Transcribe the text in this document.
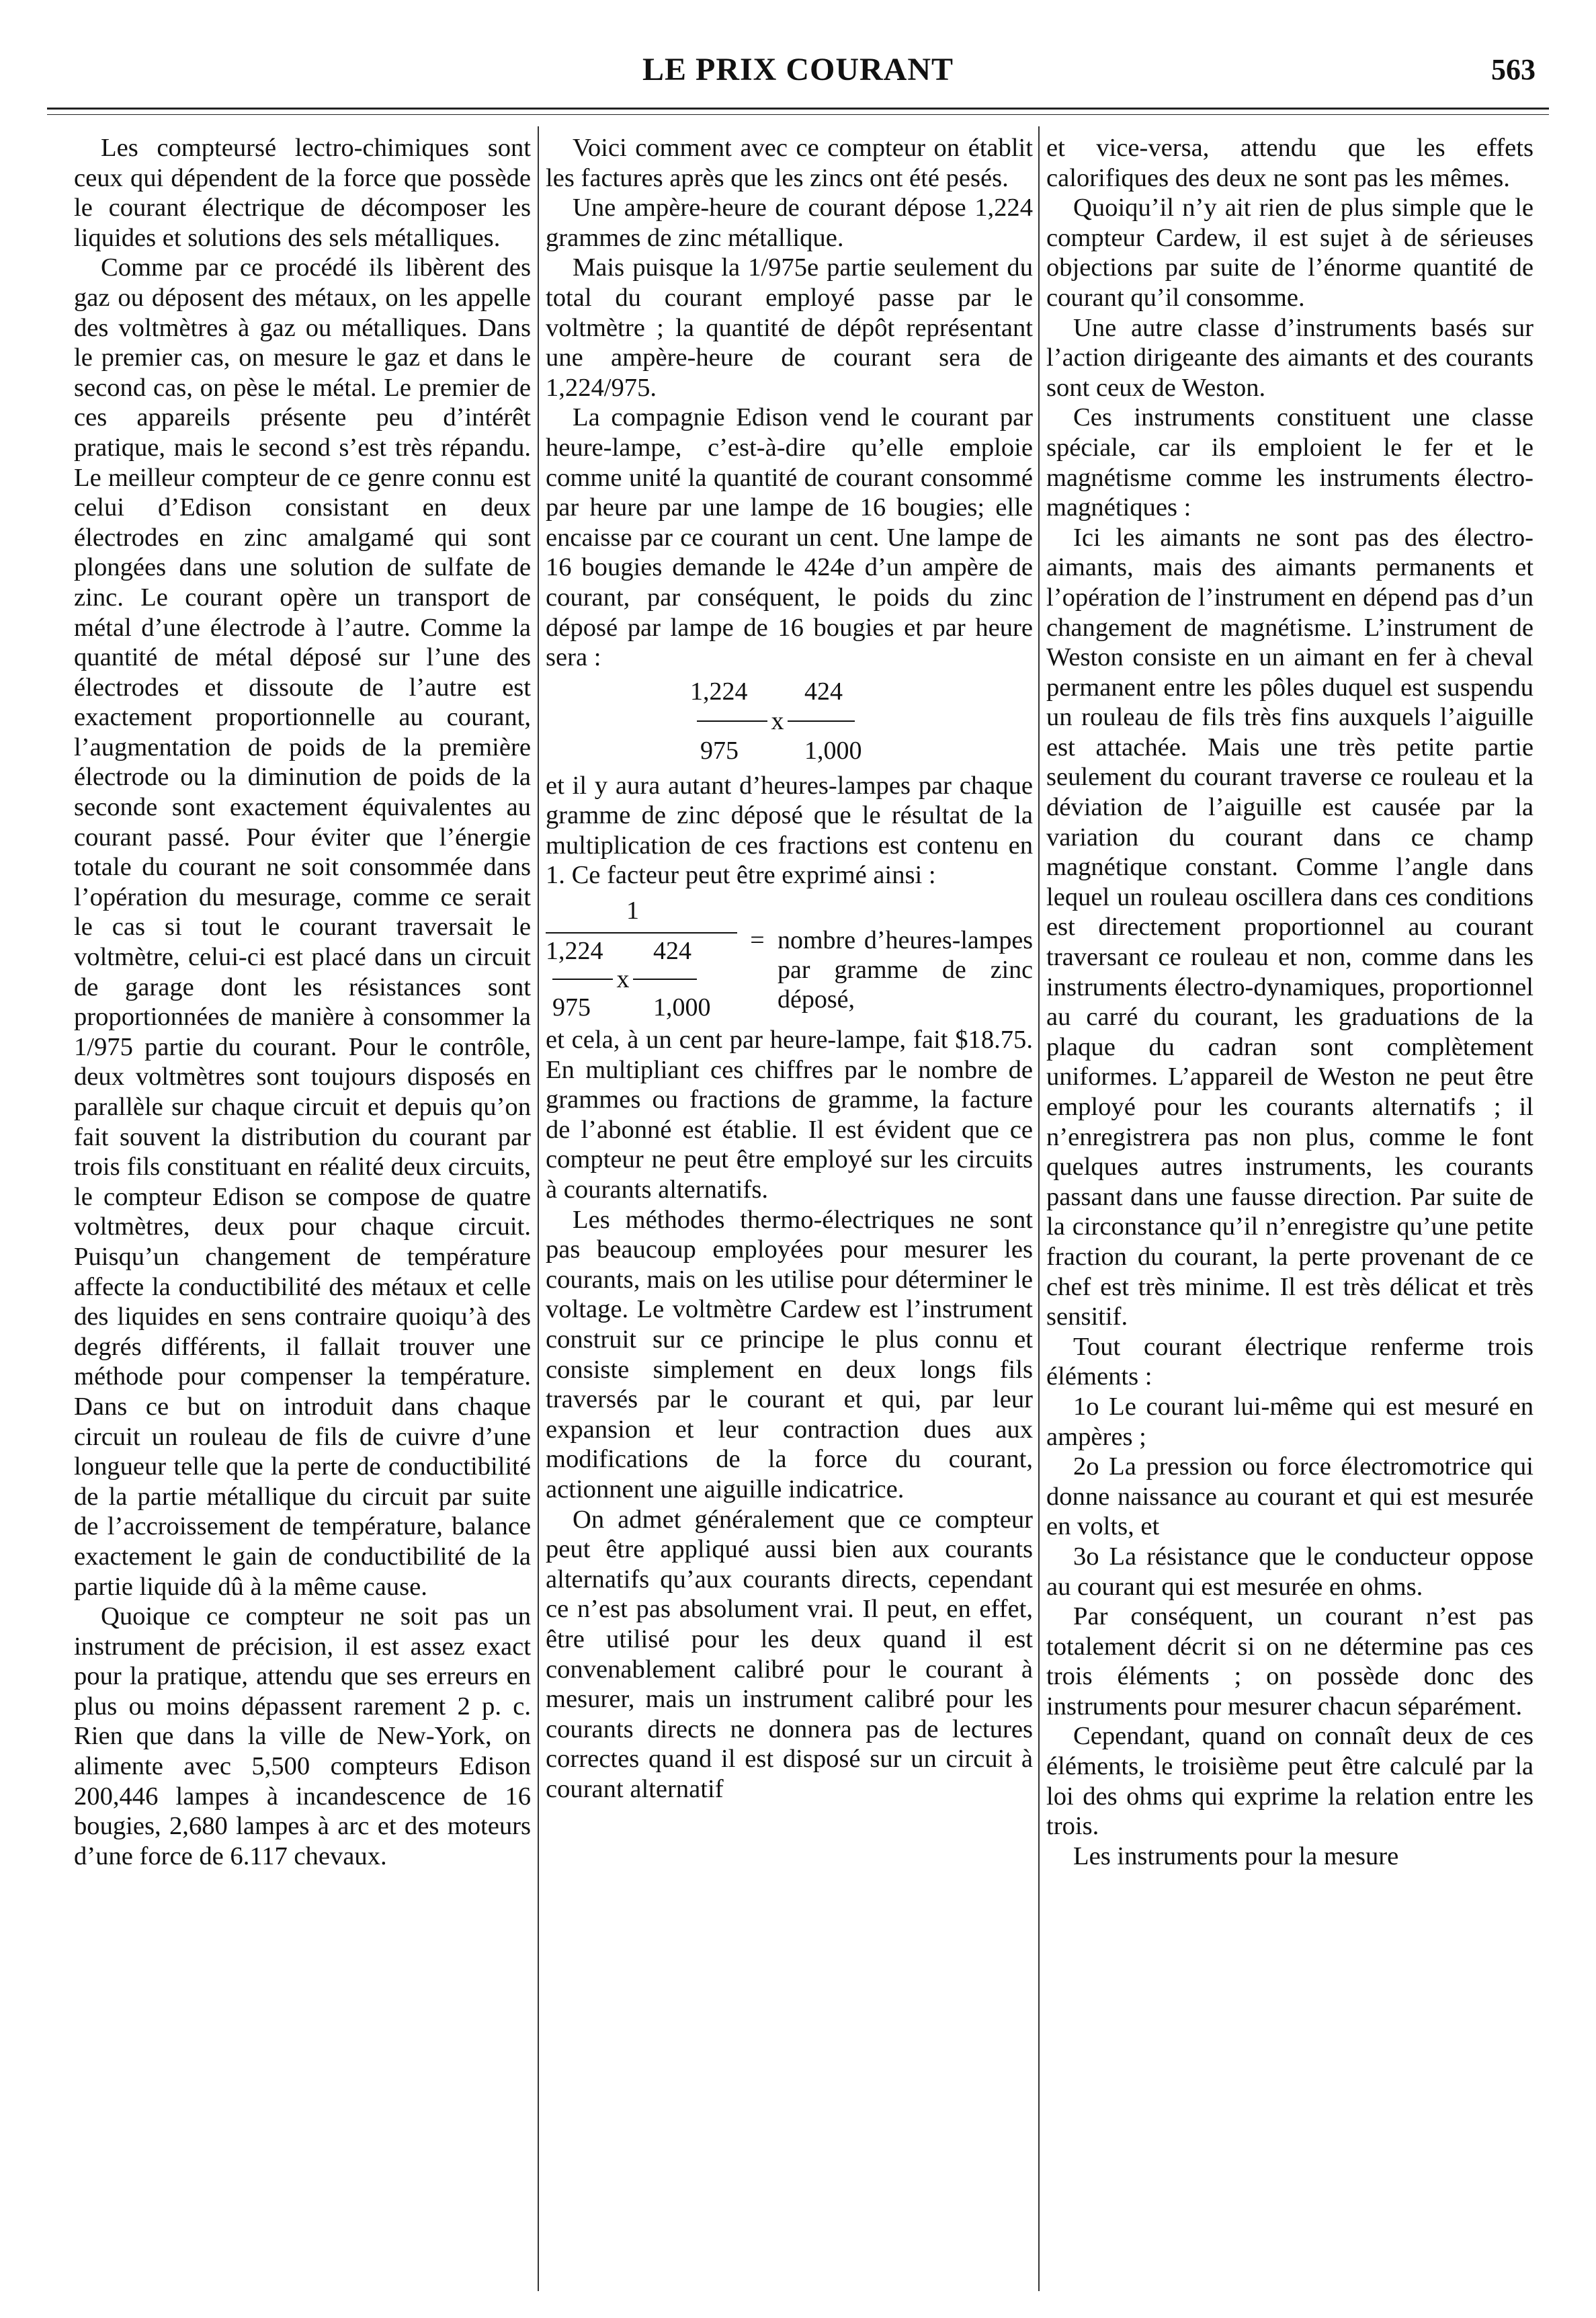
LE PRIX COURANT	563

Les compteursé lectro-chimiques sont ceux qui dépendent de la force que possède le courant électrique de décomposer les liquides et solutions des sels métalliques.

Comme par ce procédé ils libèrent des gaz ou déposent des métaux, on les appelle des voltmètres à gaz ou métalliques. Dans le premier cas, on mesure le gaz et dans le second cas, on pèse le métal. Le premier de ces appareils présente peu d’intérêt pratique, mais le second s’est très répandu. Le meilleur compteur de ce genre connu est celui d’Edison consistant en deux électrodes en zinc amalgamé qui sont plongées dans une solution de sulfate de zinc. Le courant opère un transport de métal d’une électrode à l’autre. Comme la quantité de métal déposé sur l’une des électrodes et dissoute de l’autre est exactement proportionnelle au courant, l’augmentation de poids de la première électrode ou la diminution de poids de la seconde sont exactement équivalentes au courant passé. Pour éviter que l’énergie totale du courant ne soit consommée dans l’opération du mesurage, comme ce serait le cas si tout le courant traversait le voltmètre, celui-ci est placé dans un circuit de garage dont les résistances sont proportionnées de manière à consommer la 1/975 partie du courant. Pour le contrôle, deux voltmètres sont toujours disposés en parallèle sur chaque circuit et depuis qu’on fait souvent la distribution du courant par trois fils constituant en réalité deux circuits, le compteur Edison se compose de quatre voltmètres, deux pour chaque circuit. Puisqu’un changement de température affecte la conductibilité des métaux et celle des liquides en sens contraire quoiqu’à des degrés différents, il fallait trouver une méthode pour compenser la température. Dans ce but on introduit dans chaque circuit un rouleau de fils de cuivre d’une longueur telle que la perte de conductibilité de la partie métallique du circuit par suite de l’accroissement de température, balance exactement le gain de conductibilité de la partie liquide dû à la même cause.

Quoique ce compteur ne soit pas un instrument de précision, il est assez exact pour la pratique, attendu que ses erreurs en plus ou moins dépassent rarement 2 p. c. Rien que dans la ville de New-York, on alimente avec 5,500 compteurs Edison 200,446 lampes à incandescence de 16 bougies, 2,680 lampes à arc et des moteurs d’une force de 6.117 chevaux.

Voici comment avec ce compteur on établit les factures après que les zincs ont été pesés.

Une ampère-heure de courant dépose 1,224 grammes de zinc métallique.

Mais puisque la 1/975e partie seulement du total du courant employé passe par le voltmètre ; la quantité de dépôt représentant une ampère-heure de courant sera de 1,224/975.

La compagnie Edison vend le courant par heure-lampe, c’est-à-dire qu’elle emploie comme unité la quantité de courant consommé par heure par une lampe de 16 bougies; elle encaisse par ce courant un cent. Une lampe de 16 bougies demande le 424e d’un ampère de courant, par conséquent, le poids du zinc déposé par lampe de 16 bougies et par heure sera :

1,224	424
x
975	1,000

et il y aura autant d’heures-lampes par chaque gramme de zinc déposé que le résultat de la multiplication de ces fractions est contenu en 1. Ce facteur peut être exprimé ainsi :

1
1,224	424
x
975	1,000
= nombre d’heures-lampes par gramme de zinc déposé,

et cela, à un cent par heure-lampe, fait $18.75. En multipliant ces chiffres par le nombre de grammes ou fractions de gramme, la facture de l’abonné est établie. Il est évident que ce compteur ne peut être employé sur les circuits à courants alternatifs.

Les méthodes thermo-électriques ne sont pas beaucoup employées pour mesurer les courants, mais on les utilise pour déterminer le voltage. Le voltmètre Cardew est l’instrument construit sur ce principe le plus connu et consiste simplement en deux longs fils traversés par le courant et qui, par leur expansion et leur contraction dues aux modifications de la force du courant, actionnent une aiguille indicatrice.

On admet généralement que ce compteur peut être appliqué aussi bien aux courants alternatifs qu’aux courants directs, cependant ce n’est pas absolument vrai. Il peut, en effet, être utilisé pour les deux quand il est convenablement calibré pour le courant à mesurer, mais un instrument calibré pour les courants directs ne donnera pas de lectures correctes quand il est disposé sur un circuit à courant alternatif

et vice-versa, attendu que les effets calorifiques des deux ne sont pas les mêmes.

Quoiqu’il n’y ait rien de plus simple que le compteur Cardew, il est sujet à de sérieuses objections par suite de l’énorme quantité de courant qu’il consomme.

Une autre classe d’instruments basés sur l’action dirigeante des aimants et des courants sont ceux de Weston.

Ces instruments constituent une classe spéciale, car ils emploient le fer et le magnétisme comme les instruments électro-magnétiques :

Ici les aimants ne sont pas des électro-aimants, mais des aimants permanents et l’opération de l’instrument en dépend pas d’un changement de magnétisme. L’instrument de Weston consiste en un aimant en fer à cheval permanent entre les pôles duquel est suspendu un rouleau de fils très fins auxquels l’aiguille est attachée. Mais une très petite partie seulement du courant traverse ce rouleau et la déviation de l’aiguille est causée par la variation du courant dans ce champ magnétique constant. Comme l’angle dans lequel un rouleau oscillera dans ces conditions est directement proportionnel au courant traversant ce rouleau et non, comme dans les instruments électro-dynamiques, proportionnel au carré du courant, les graduations de la plaque du cadran sont complètement uniformes. L’appareil de Weston ne peut être employé pour les courants alternatifs ; il n’enregistrera pas non plus, comme le font quelques autres instruments, les courants passant dans une fausse direction. Par suite de la circonstance qu’il n’enregistre qu’une petite fraction du courant, la perte provenant de ce chef est très minime. Il est très délicat et très sensitif.

Tout courant électrique renferme trois éléments :

1o Le courant lui-même qui est mesuré en ampères ;

2o La pression ou force électromotrice qui donne naissance au courant et qui est mesurée en volts, et

3o La résistance que le conducteur oppose au courant qui est mesurée en ohms.

Par conséquent, un courant n’est pas totalement décrit si on ne détermine pas ces trois éléments ; on possède donc des instruments pour mesurer chacun séparément.

Cependant, quand on connaît deux de ces éléments, le troisième peut être calculé par la loi des ohms qui exprime la relation entre les trois.

Les instruments pour la mesure
